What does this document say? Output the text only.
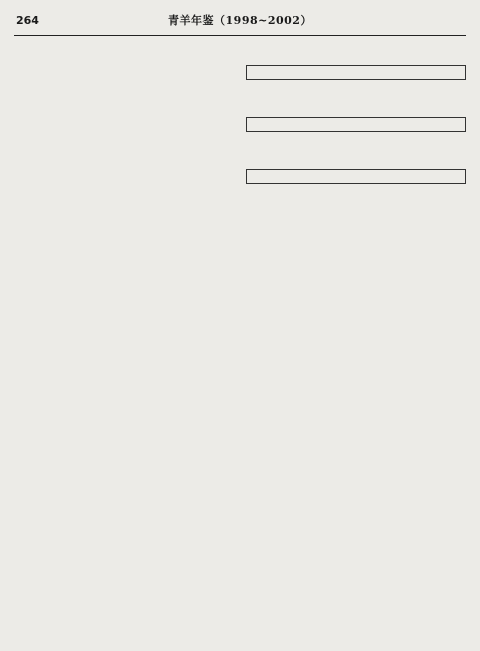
264	青羊年鉴（1998~2002）
